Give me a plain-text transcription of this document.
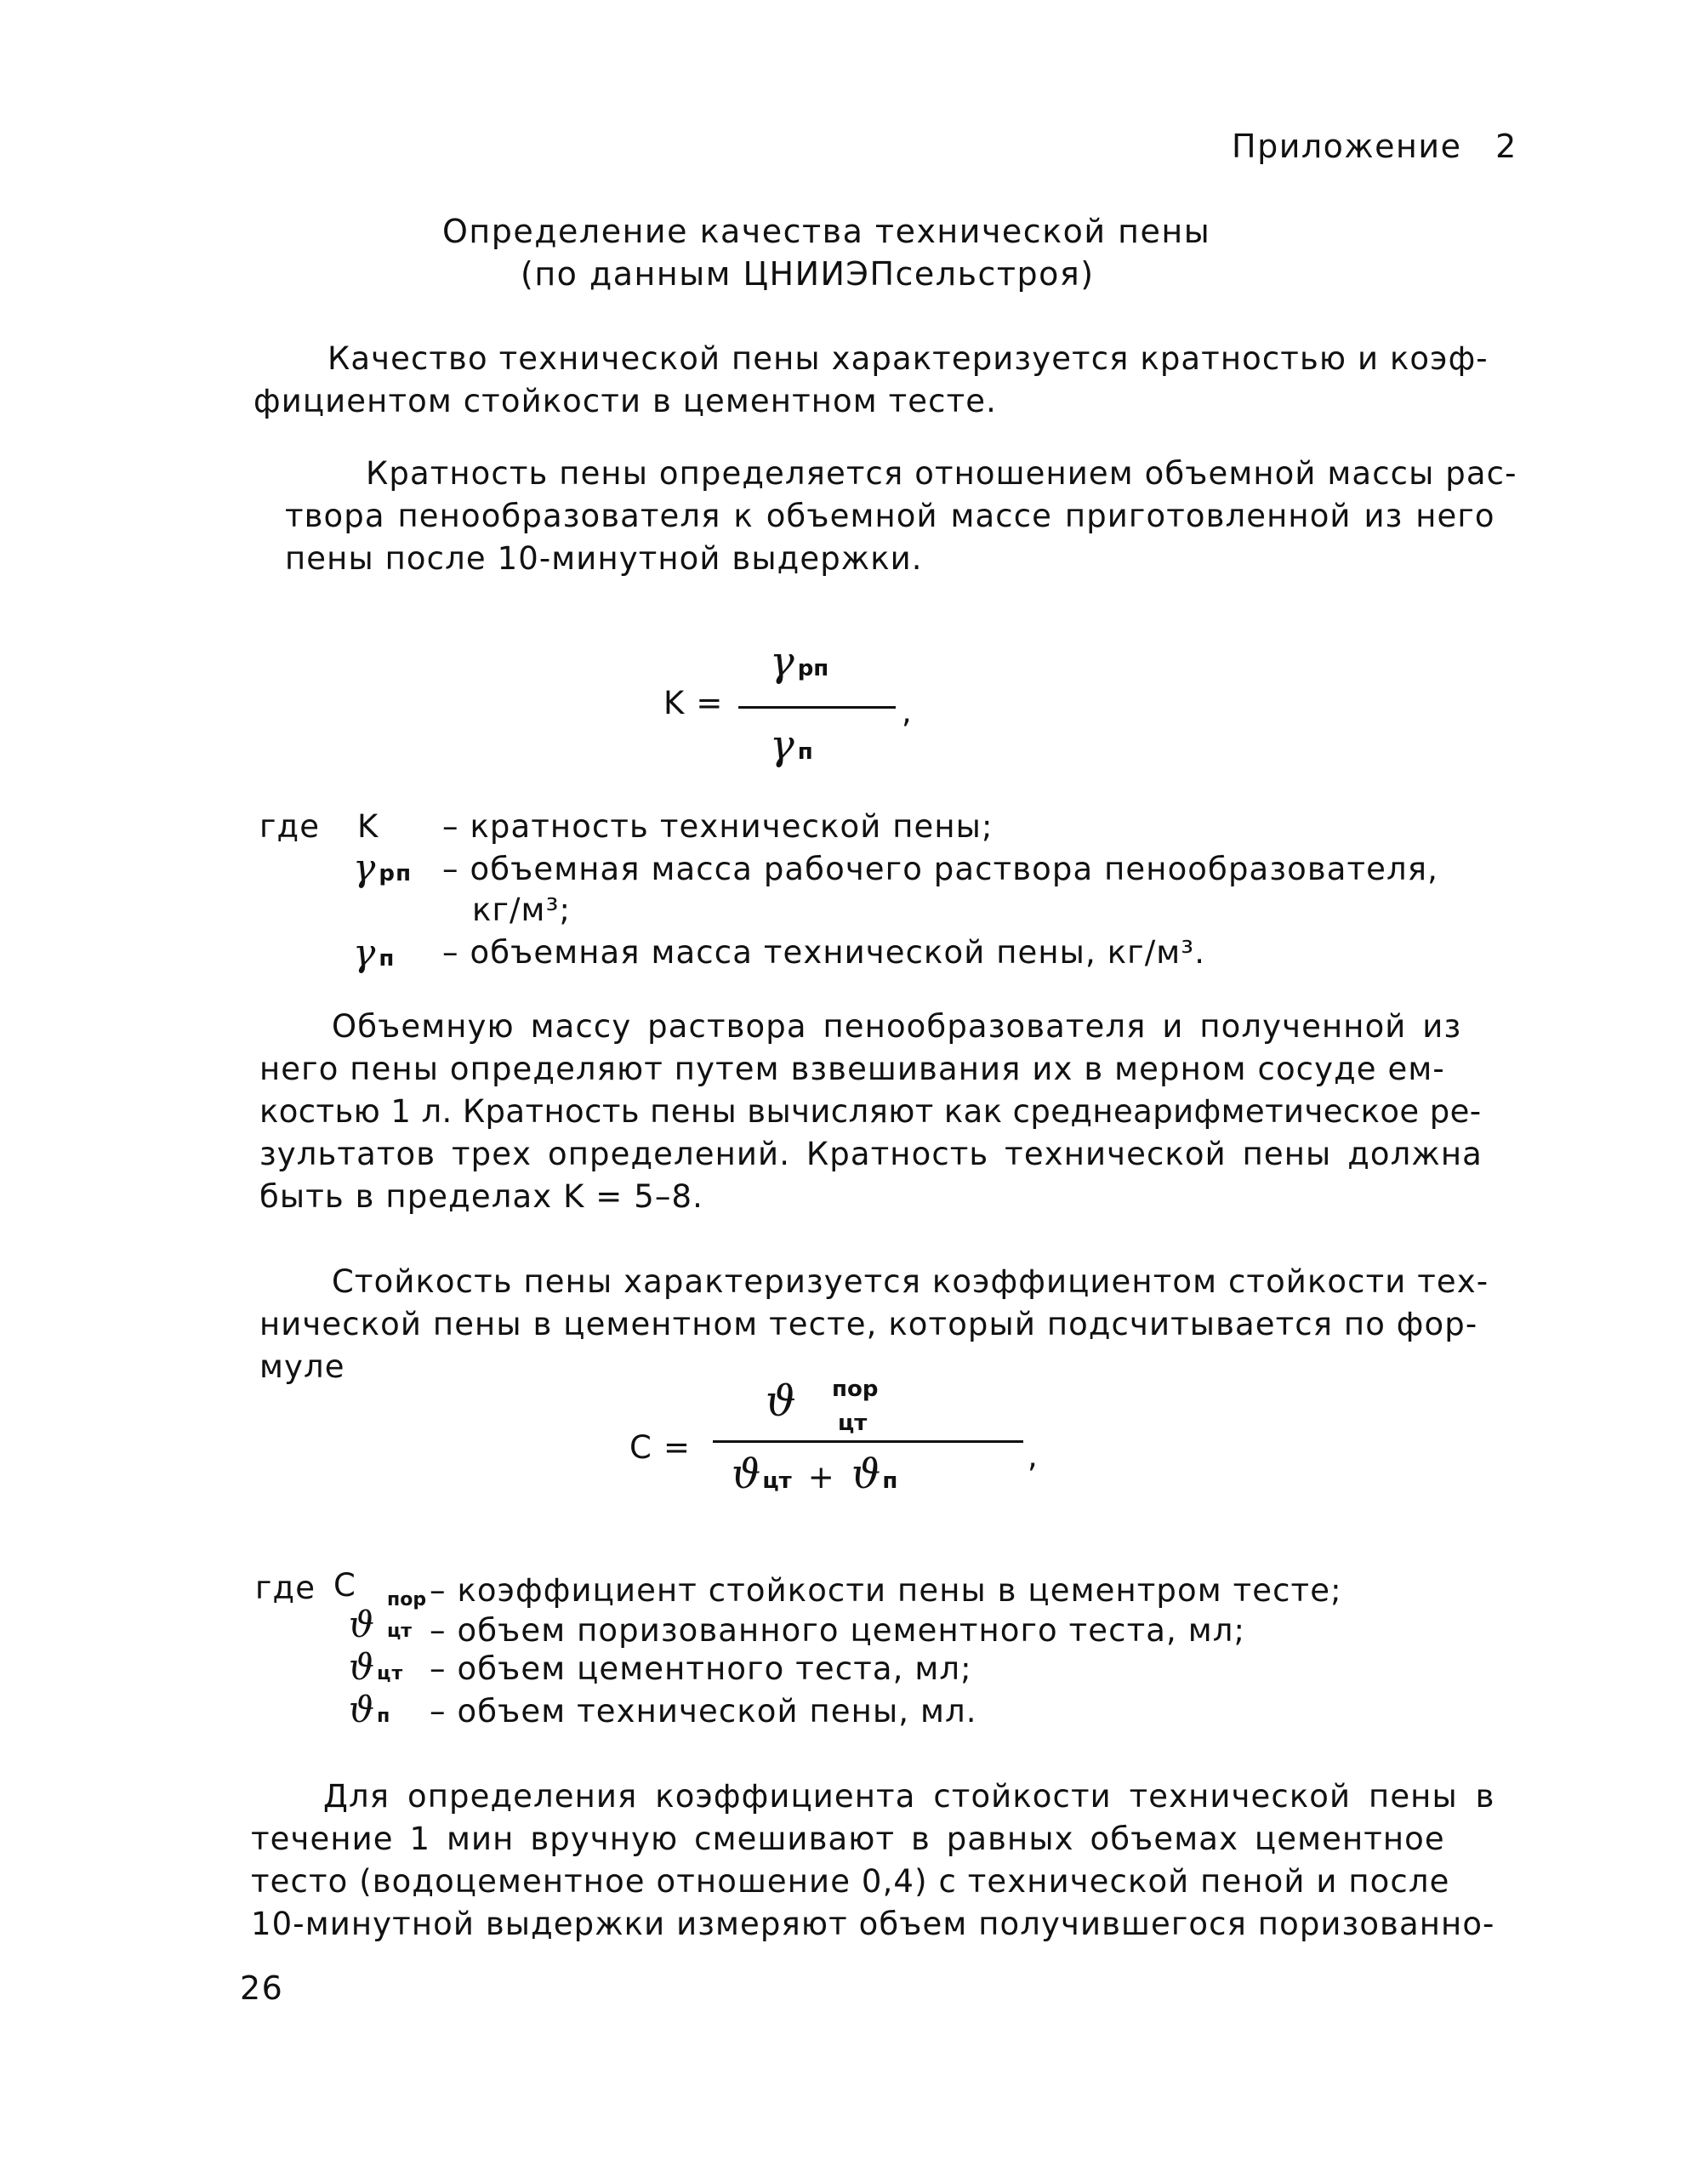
Приложение 2
Определение качества технической пены
(по данным ЦНИИЭПсельстроя)
Качество технической пены характеризуется кратностью и коэф-
фициентом стойкости в цементном тесте.
Кратность пены определяется отношением объемной массы рас-
твора пенообразователя к объемной массе приготовленной из него
пены после 10-минутной выдержки.
K =
γрп
,
γп
где K – кратность технической пены;
γрп – объемная масса рабочего раствора пенообразователя,
кг/м³;
γп – объемная масса технической пены, кг/м³.
Объемную массу раствора пенообразователя и полученной из
него пены определяют путем взвешивания их в мерном сосуде ем-
костью 1 л. Кратность пены вычисляют как среднеарифметическое ре-
зультатов трех определений. Кратность технической пены должна
быть в пределах K = 5–8.
Стойкость пены характеризуется коэффициентом стойкости тех-
нической пены в цементном тесте, который подсчитывается по фор-
муле
C =
ϑ пор
цт
,
ϑцт + ϑп
где C – коэффициент стойкости пены в цементром тесте;
ϑ
пор
цт – объем поризованного цементного теста, мл;
ϑцт – объем цементного теста, мл;
ϑп – объем технической пены, мл.
Для определения коэффициента стойкости технической пены в
течение 1 мин вручную смешивают в равных объемах цементное
тесто (водоцементное отношение 0,4) с технической пеной и после
10-минутной выдержки измеряют объем получившегося поризованно-
26
